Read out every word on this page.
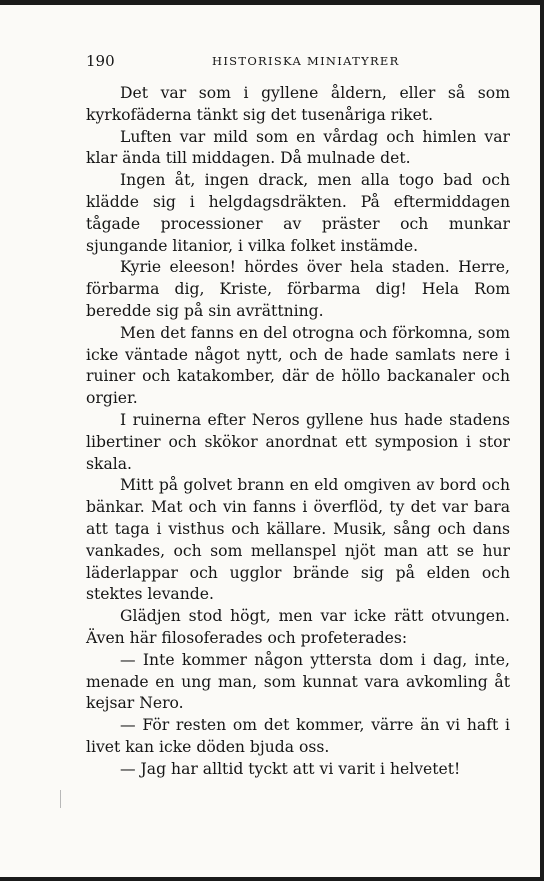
190	HISTORISKA MINIATYRER

Det var som i gyllene åldern, eller så som kyrkofäderna tänkt sig det tusenåriga riket.

Luften var mild som en vårdag och himlen var klar ända till middagen. Då mulnade det.

Ingen åt, ingen drack, men alla togo bad och klädde sig i helgdagsdräkten. På eftermiddagen tågade processioner av präster och munkar sjungande litanior, i vilka folket instämde.

Kyrie eleeson! hördes över hela staden. Herre, förbarma dig, Kriste, förbarma dig! Hela Rom beredde sig på sin avrättning.

Men det fanns en del otrogna och förkomna, som icke väntade något nytt, och de hade samlats nere i ruiner och katakomber, där de höllo backanaler och orgier.

I ruinerna efter Neros gyllene hus hade stadens libertiner och skökor anordnat ett symposion i stor skala.

Mitt på golvet brann en eld omgiven av bord och bänkar. Mat och vin fanns i överflöd, ty det var bara att taga i visthus och källare. Musik, sång och dans vankades, och som mellanspel njöt man att se hur läderlappar och ugglor brände sig på elden och stektes levande.

Glädjen stod högt, men var icke rätt otvungen. Även här filosoferades och profeterades:

— Inte kommer någon yttersta dom i dag, inte, menade en ung man, som kunnat vara avkomling åt kejsar Nero.

— För resten om det kommer, värre än vi haft i livet kan icke döden bjuda oss.

— Jag har alltid tyckt att vi varit i helvetet!
